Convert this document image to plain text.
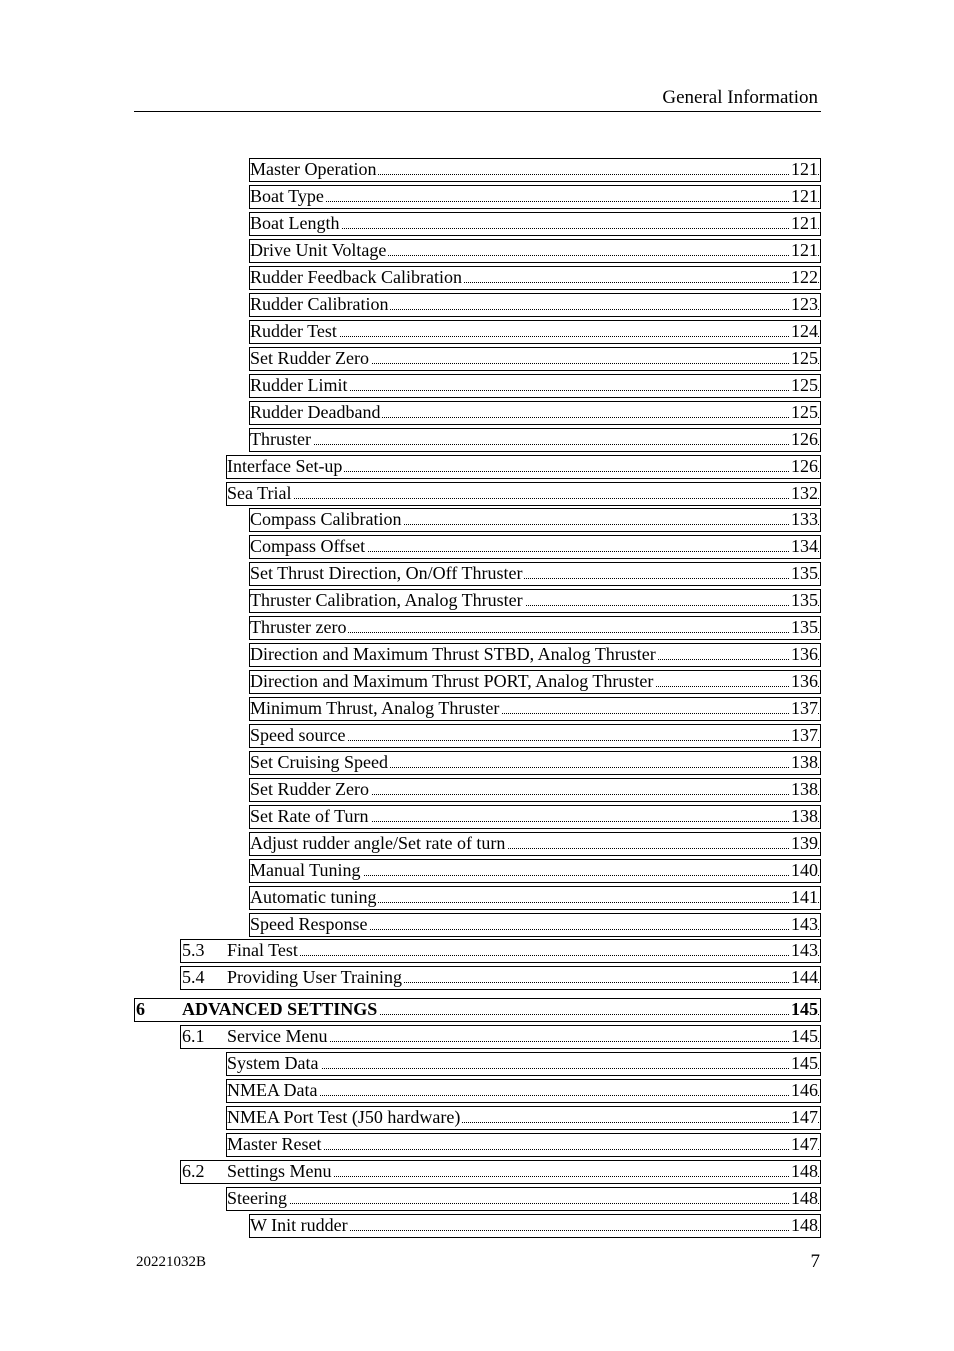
General Information
Master Operation	121
Boat Type	121
Boat Length	121
Drive Unit Voltage	121
Rudder Feedback Calibration	122
Rudder Calibration	123
Rudder Test	124
Set Rudder Zero	125
Rudder Limit	125
Rudder Deadband	125
Thruster	126
Interface Set-up	126
Sea Trial	132
Compass Calibration	133
Compass Offset	134
Set Thrust Direction, On/Off Thruster	135
Thruster Calibration, Analog Thruster	135
Thruster zero	135
Direction and Maximum Thrust STBD, Analog Thruster	136
Direction and Maximum Thrust PORT, Analog Thruster	136
Minimum Thrust, Analog Thruster	137
Speed source	137
Set Cruising Speed	138
Set Rudder Zero	138
Set Rate of Turn	138
Adjust rudder angle/Set rate of turn	139
Manual Tuning	140
Automatic tuning	141
Speed Response	143
5.3 Final Test	143
5.4 Providing User Training	144
6 ADVANCED SETTINGS	145
6.1 Service Menu	145
System Data	145
NMEA Data	146
NMEA Port Test (J50 hardware)	147
Master Reset	147
6.2 Settings Menu	148
Steering	148
W Init rudder	148
20221032B	7
